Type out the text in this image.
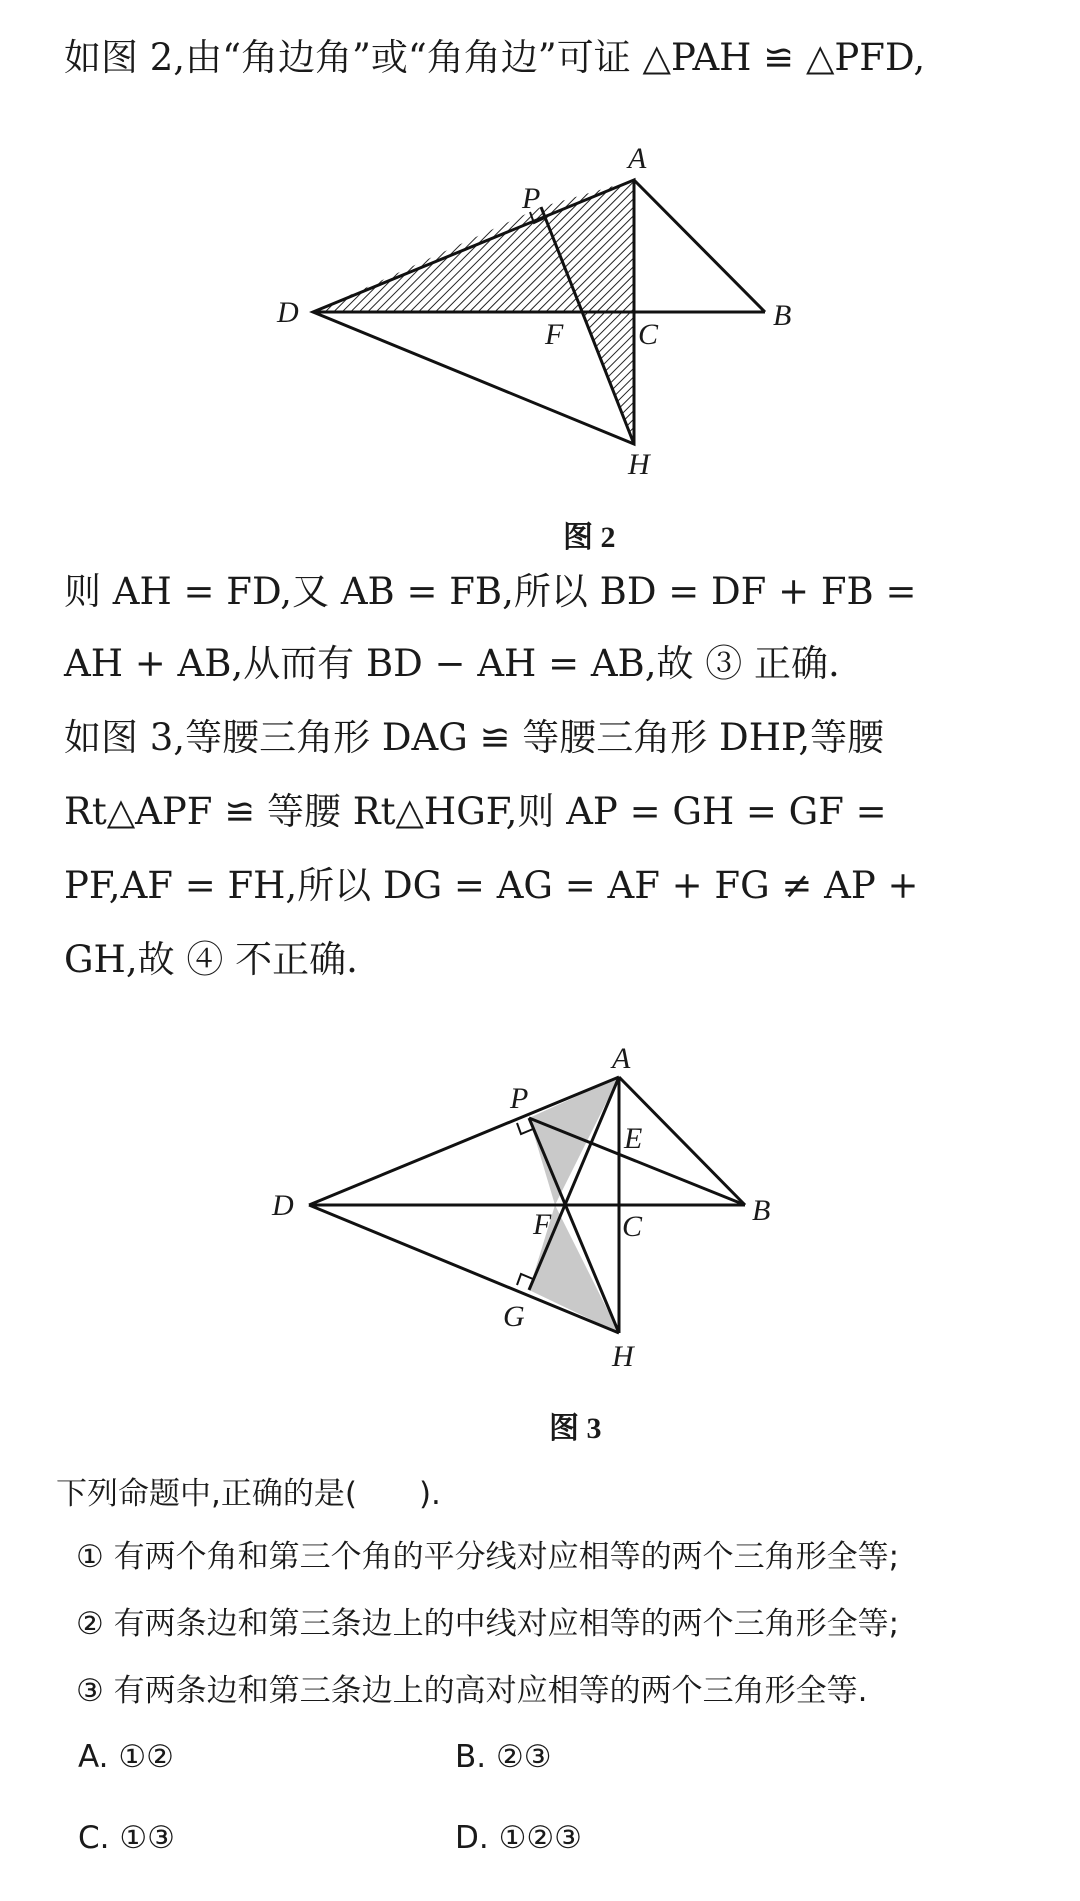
如图 2,由“角边角”或“角角边”可证 △PAH ≌ △PFD,
A
P
D
F C
B
H
图 2
则 AH = FD,又 AB = FB,所以 BD = DF + FB =
AH + AB,从而有 BD − AH = AB,故 ③ 正确.
如图 3,等腰三角形 DAG ≌ 等腰三角形 DHP,等腰
Rt△APF ≌ 等腰 Rt△HGF,则 AP = GH = GF =
PF,AF = FH,所以 DG = AG = AF + FG ≠ AP +
GH,故 ④ 不正确.
A
P
E
D
F C	B
G
H
图 3
下列命题中,正确的是(　　).
① 有两个角和第三个角的平分线对应相等的两个三角形全等;
② 有两条边和第三条边上的中线对应相等的两个三角形全等;
③ 有两条边和第三条边上的高对应相等的两个三角形全等.
A. ①②	B. ②③
C. ①③	D. ①②③
